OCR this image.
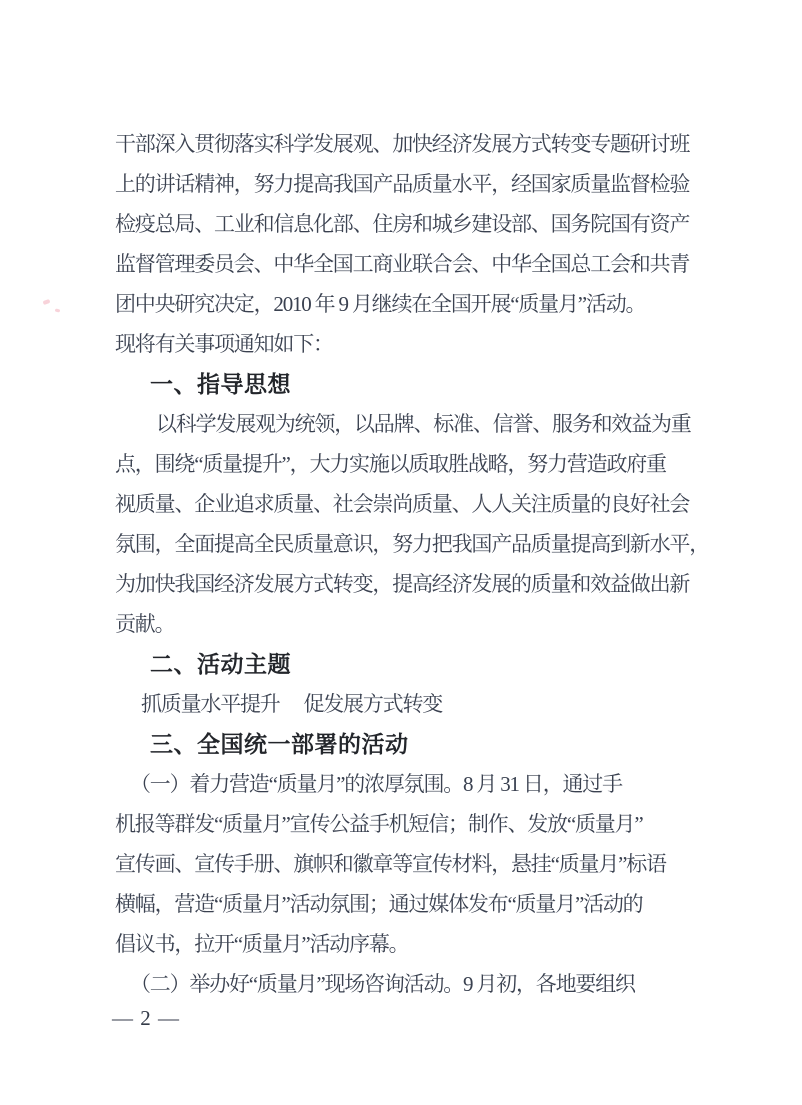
干部深入贯彻落实科学发展观、加快经济发展方式转变专题研讨班
上的讲话精神，努力提高我国产品质量水平，经国家质量监督检验
检疫总局、工业和信息化部、住房和城乡建设部、国务院国有资产
监督管理委员会、中华全国工商业联合会、中华全国总工会和共青
团中央研究决定，2010 年 9 月继续在全国开展“质量月”活动。
现将有关事项通知如下：
一、指导思想
以科学发展观为统领，以品牌、标准、信誉、服务和效益为重
点，围绕“质量提升”，大力实施以质取胜战略，努力营造政府重
视质量、企业追求质量、社会崇尚质量、人人关注质量的良好社会
氛围，全面提高全民质量意识，努力把我国产品质量提高到新水平，
为加快我国经济发展方式转变，提高经济发展的质量和效益做出新
贡献。
二、活动主题
抓质量水平提升　 促发展方式转变
三、全国统一部署的活动
（一）着力营造“质量月”的浓厚氛围。8 月 31 日，通过手
机报等群发“质量月”宣传公益手机短信；制作、发放“质量月”
宣传画、宣传手册、旗帜和徽章等宣传材料，悬挂“质量月”标语
横幅，营造“质量月”活动氛围；通过媒体发布“质量月”活动的
倡议书，拉开“质量月”活动序幕。
（二）举办好“质量月”现场咨询活动。9 月初，各地要组织
— 2 —
